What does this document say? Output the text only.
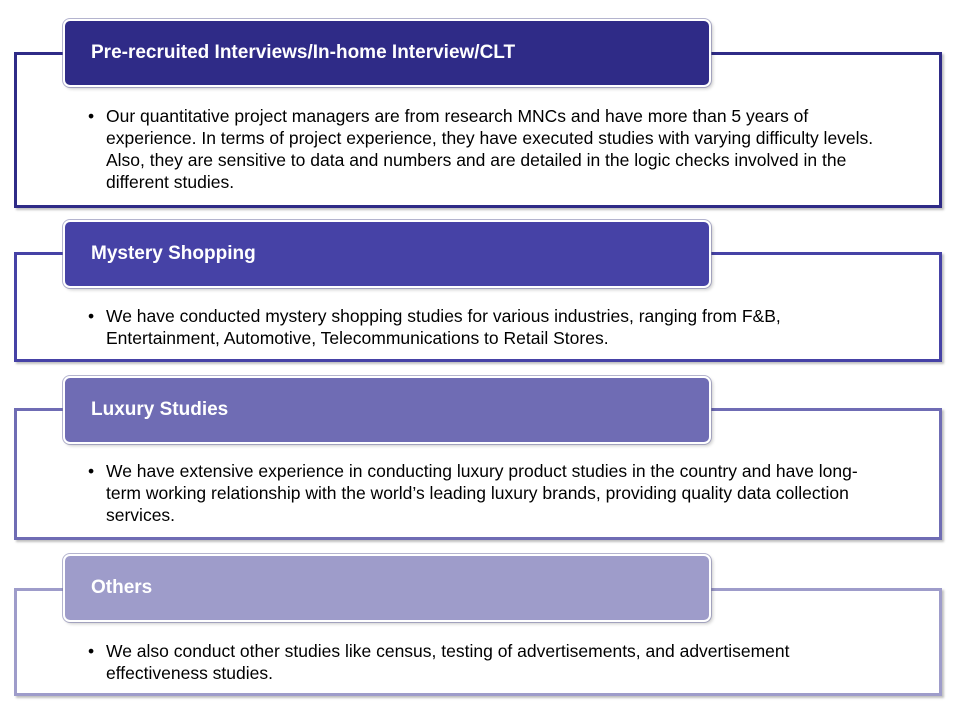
Pre-recruited Interviews/In-home Interview/CLT
• Our quantitative project managers are from research MNCs and have more than 5 years of experience. In terms of project experience, they have executed studies with varying difficulty levels. Also, they are sensitive to data and numbers and are detailed in the logic checks involved in the different studies.
Mystery Shopping
• We have conducted mystery shopping studies for various industries, ranging from F&B, Entertainment, Automotive, Telecommunications to Retail Stores.
Luxury Studies
• We have extensive experience in conducting luxury product studies in the country and have long-term working relationship with the world’s leading luxury brands, providing quality data collection services.
Others
• We also conduct other studies like census, testing of advertisements, and advertisement effectiveness studies.
